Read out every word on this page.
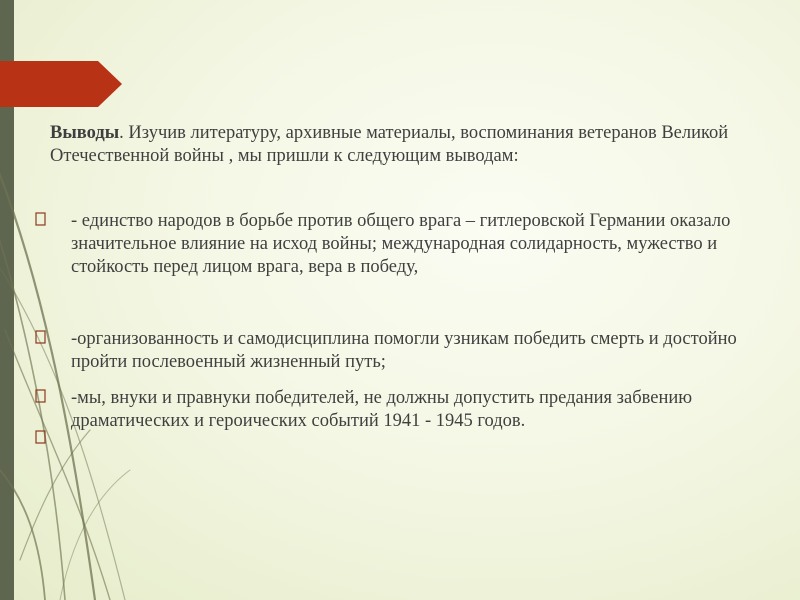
Выводы. Изучив литературу, архивные материалы, воспоминания ветеранов Великой Отечественной войны , мы пришли к следующим выводам:
- единство народов в борьбе против общего врага – гитлеровской Германии оказало значительное влияние на исход войны; международная солидарность, мужество и стойкость перед лицом врага, вера в победу,
-организованность и самодисциплина помогли узникам победить смерть и достойно пройти послевоенный жизненный путь;
-мы, внуки и правнуки победителей, не должны допустить предания забвению драматических и героических событий 1941 - 1945 годов.
